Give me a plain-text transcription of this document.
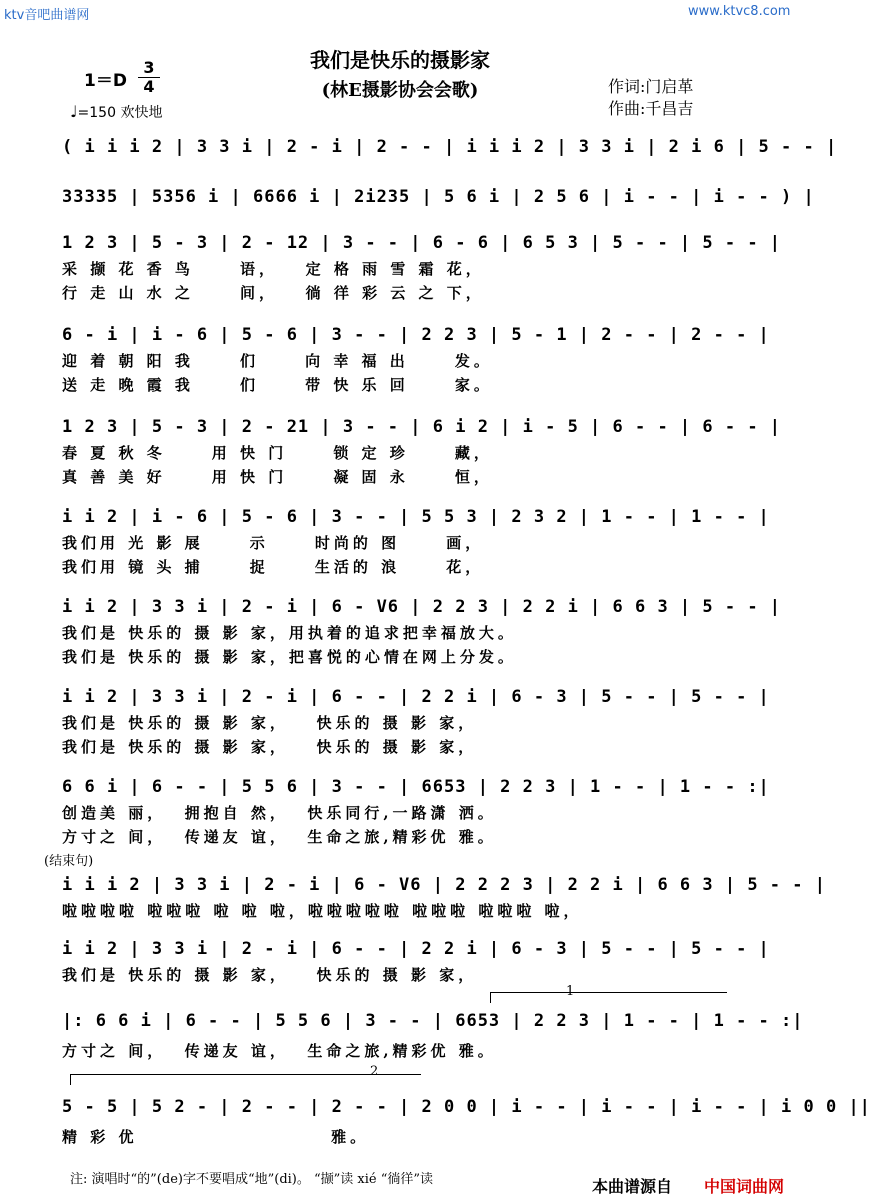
ktv音吧曲谱网	www.ktvc8.com
我们是快乐的摄影家
(林E摄影协会会歌)	作词:门启革
作曲:千昌吉
1＝D
3
4
♩=150 欢快地
( i i i 2 | 3 3 i | 2 - i | 2 - - | i i i 2 | 3 3 i | 2 i 6 | 5 - - |
33335 | 5356 i | 6666 i | 2i235 | 5 6 i | 2 5 6 | i - - | i - - ) |
1 2 3 | 5 - 3 | 2 - 12 | 3 - - | 6 - 6 | 6 5 3 | 5 - - | 5 - - |
采 撷 花 香 鸟     语，   定 格 雨 雪 霜 花，
行 走 山 水 之     间，   徜 徉 彩 云 之 下，
6 - i | i - 6 | 5 - 6 | 3 - - | 2 2 3 | 5 - 1 | 2 - - | 2 - - |
迎 着 朝 阳 我     们     向 幸 福 出     发。
送 走 晚 霞 我     们     带 快 乐 回     家。
1 2 3 | 5 - 3 | 2 - 21 | 3 - - | 6 i 2 | i - 5 | 6 - - | 6 - - |
春 夏 秋 冬     用 快 门     锁 定 珍     藏，
真 善 美 好     用 快 门     凝 固 永     恒，
i i 2 | i - 6 | 5 - 6 | 3 - - | 5 5 3 | 2 3 2 | 1 - - | 1 - - |
我们用 光 影 展     示     时尚的 图     画，
我们用 镜 头 捕     捉     生活的 浪     花，
i i 2 | 3 3 i | 2 - i | 6 - V6 | 2 2 3 | 2 2 i | 6 6 3 | 5 - - |
我们是 快乐的 摄 影 家，用执着的追求把幸福放大。
我们是 快乐的 摄 影 家，把喜悦的心情在网上分发。
i i 2 | 3 3 i | 2 - i | 6 - - | 2 2 i | 6 - 3 | 5 - - | 5 - - |
我们是 快乐的 摄 影 家，   快乐的 摄 影 家，
我们是 快乐的 摄 影 家，   快乐的 摄 影 家，
6 6 i | 6 - - | 5 5 6 | 3 - - | 6653 | 2 2 3 | 1 - - | 1 - - :|
创造美 丽，  拥抱自 然，  快乐同行,一路潇 洒。
方寸之 间，  传递友 谊，  生命之旅,精彩优 雅。
(结束句)
i i i 2 | 3 3 i | 2 - i | 6 - V6 | 2 2 2 3 | 2 2 i | 6 6 3 | 5 - - |
啦啦啦啦 啦啦啦 啦 啦 啦，啦啦啦啦啦 啦啦啦 啦啦啦 啦，
i i 2 | 3 3 i | 2 - i | 6 - - | 2 2 i | 6 - 3 | 5 - - | 5 - - |
我们是 快乐的 摄 影 家，   快乐的 摄 影 家，
1
|: 6 6 i | 6 - - | 5 5 6 | 3 - - | 6653 | 2 2 3 | 1 - - | 1 - - :|
方寸之 间，  传递友 谊，  生命之旅,精彩优 雅。
2
5 - 5 | 5 2 - | 2 - - | 2 - - | 2 0 0 | i - - | i - - | i - - | i 0 0 ||
精 彩 优                     雅。
注: 演唱时“的”(de)字不要唱成“地”(di)。 “撷”读 xié “徜徉”读	本曲谱源自 中国词曲网
